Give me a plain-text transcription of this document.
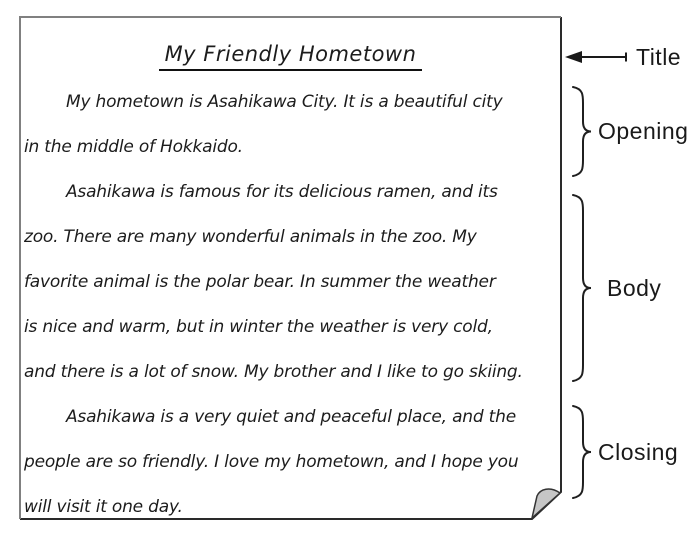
My Friendly Hometown
My hometown is Asahikawa City. It is a beautiful city
in the middle of Hokkaido.
Asahikawa is famous for its delicious ramen, and its
zoo. There are many wonderful animals in the zoo. My
favorite animal is the polar bear. In summer the weather
is nice and warm, but in winter the weather is very cold,
and there is a lot of snow. My brother and I like to go skiing.
Asahikawa is a very quiet and peaceful place, and the
people are so friendly. I love my hometown, and I hope you
will visit it one day.
Title
Opening
Body
Closing
